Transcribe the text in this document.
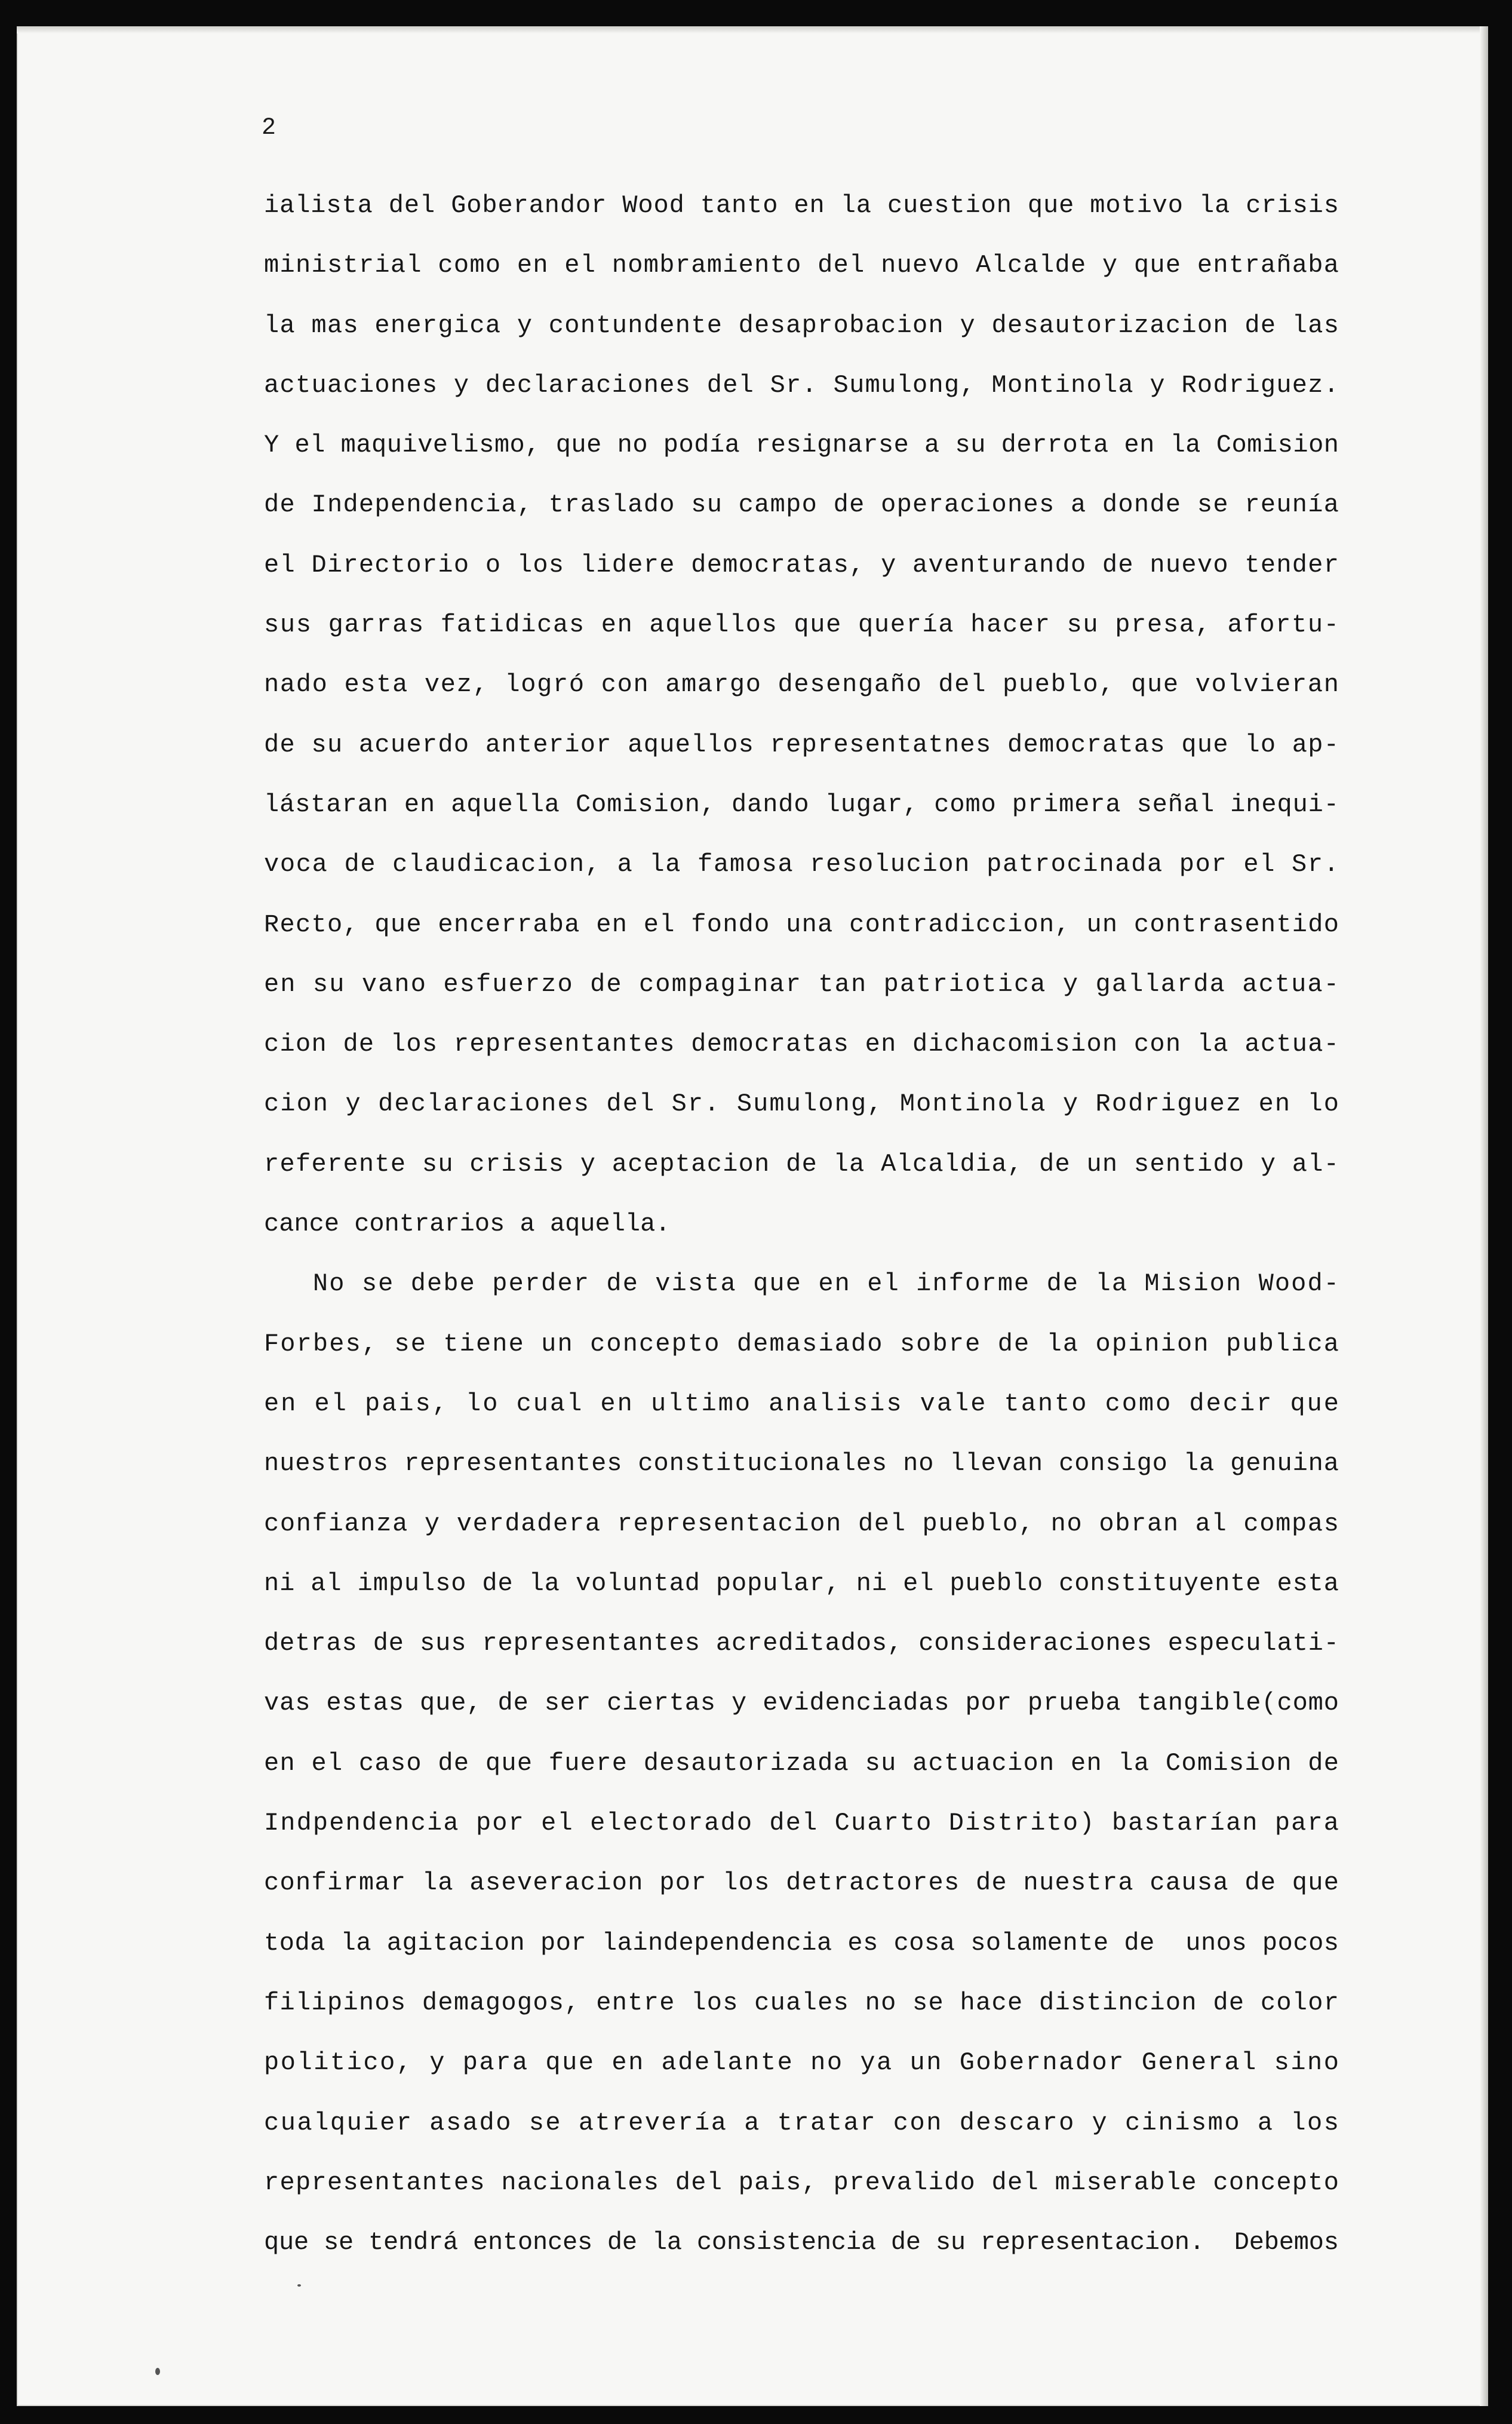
2
ialista del Goberandor Wood tanto en la cuestion que motivo la crisis
ministrial como en el nombramiento del nuevo Alcalde y que entrañaba
la mas energica y contundente desaprobacion y desautorizacion de las
actuaciones y declaraciones del Sr. Sumulong, Montinola y Rodriguez.
Y el maquivelismo, que no podía resignarse a su derrota en la Comision
de Independencia, traslado su campo de operaciones a donde se reunía
el Directorio o los lidere democratas, y aventurando de nuevo tender
sus garras fatidicas en aquellos que quería hacer su presa, afortu-
nado esta vez, logró con amargo desengaño del pueblo, que volvieran
de su acuerdo anterior aquellos representatnes democratas que lo ap-
lástaran en aquella Comision, dando lugar, como primera señal inequi-
voca de claudicacion, a la famosa resolucion patrocinada por el Sr.
Recto, que encerraba en el fondo una contradiccion, un contrasentido
en su vano esfuerzo de compaginar tan patriotica y gallarda actua-
cion de los representantes democratas en dichacomision con la actua-
cion y declaraciones del Sr. Sumulong, Montinola y Rodriguez en lo
referente su crisis y aceptacion de la Alcaldia, de un sentido y al-
cance contrarios a aquella.
No se debe perder de vista que en el informe de la Mision Wood-
Forbes, se tiene un concepto demasiado sobre de la opinion publica
en el pais, lo cual en ultimo analisis vale tanto como decir que
nuestros representantes constitucionales no llevan consigo la genuina
confianza y verdadera representacion del pueblo, no obran al compas
ni al impulso de la voluntad popular, ni el pueblo constituyente esta
detras de sus representantes acreditados, consideraciones especulati-
vas estas que, de ser ciertas y evidenciadas por prueba tangible(como
en el caso de que fuere desautorizada su actuacion en la Comision de
Indpendencia por el electorado del Cuarto Distrito) bastarían para
confirmar la aseveracion por los detractores de nuestra causa de que
toda la agitacion por laindependencia es cosa solamente de  unos pocos
filipinos demagogos, entre los cuales no se hace distincion de color
politico, y para que en adelante no ya un Gobernador General sino
cualquier asado se atrevería a tratar con descaro y cinismo a los
representantes nacionales del pais, prevalido del miserable concepto
que se tendrá entonces de la consistencia de su representacion.  Debemos
